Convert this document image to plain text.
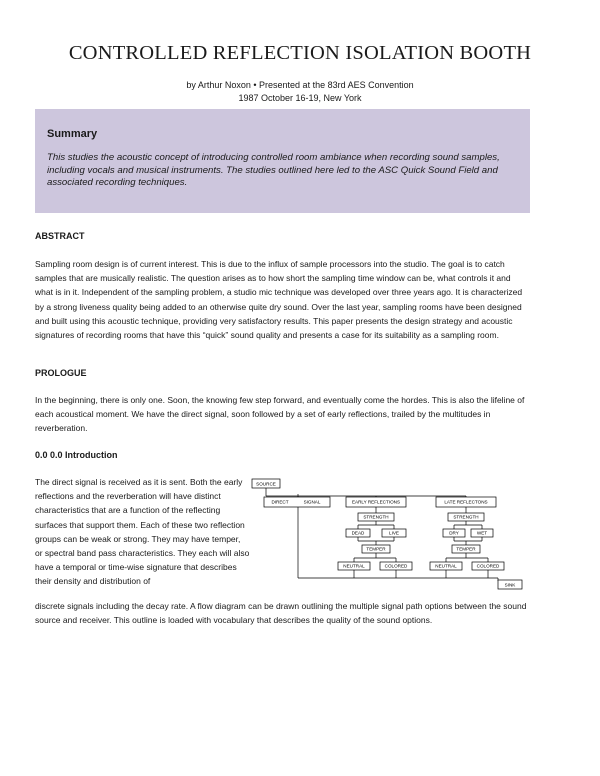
CONTROLLED REFLECTION ISOLATION BOOTH
by Arthur Noxon • Presented at the 83rd AES Convention
1987 October 16-19, New York

Summary

This studies the acoustic concept of introducing controlled room ambiance when recording sound samples, including vocals and musical instruments. The studies outlined here led to the ASC Quick Sound Field and associated recording techniques.

ABSTRACT

Sampling room design is of current interest. This is due to the influx of sample processors into the studio. The goal is to catch samples that are musically realistic. The question arises as to how short the sampling time window can be, what controls it and what is in it. Independent of the sampling problem, a studio mic technique was developed over three years ago. It is characterized by a strong liveness quality being added to an otherwise quite dry sound. Over the last year, sampling rooms have been designed and built using this acoustic technique, providing very satisfactory results. This paper presents the design strategy and acoustic signatures of recording rooms that have this “quick” sound quality and presents a case for its suitability as a sampling room.

PROLOGUE

In the beginning, there is only one. Soon, the knowing few step forward, and eventually come the hordes. This is also the lifeline of each acoustical moment. We have the direct signal, soon followed by a set of early reflections, trailed by the multitudes in reverberation.

0.0 0.0 Introduction

The direct signal is received as it is sent. Both the early reflections and the reverberation will have distinct characteristics that are a function of the reflecting surfaces that support them. Each of these two reflection groups can be weak or strong. They may have temper, or spectral band pass characteristics. They each will also have a temporal or time-wise signature that describes their density and distribution of

discrete signals including the decay rate. A flow diagram can be drawn outlining the multiple signal path options between the sound source and receiver. This outline is loaded with vocabulary that describes the quality of the sound options.

SOURCE
DIRECT	SIGNAL	EARLY REFLECTIONS	LATE REFLECTONS
STRENGTH	STRENGTH
DEAD	LIVE	DRY	WET
TEMPER	TEMPER
NEUTRAL	COLORED	NEUTRAL	COLORED
SINK
